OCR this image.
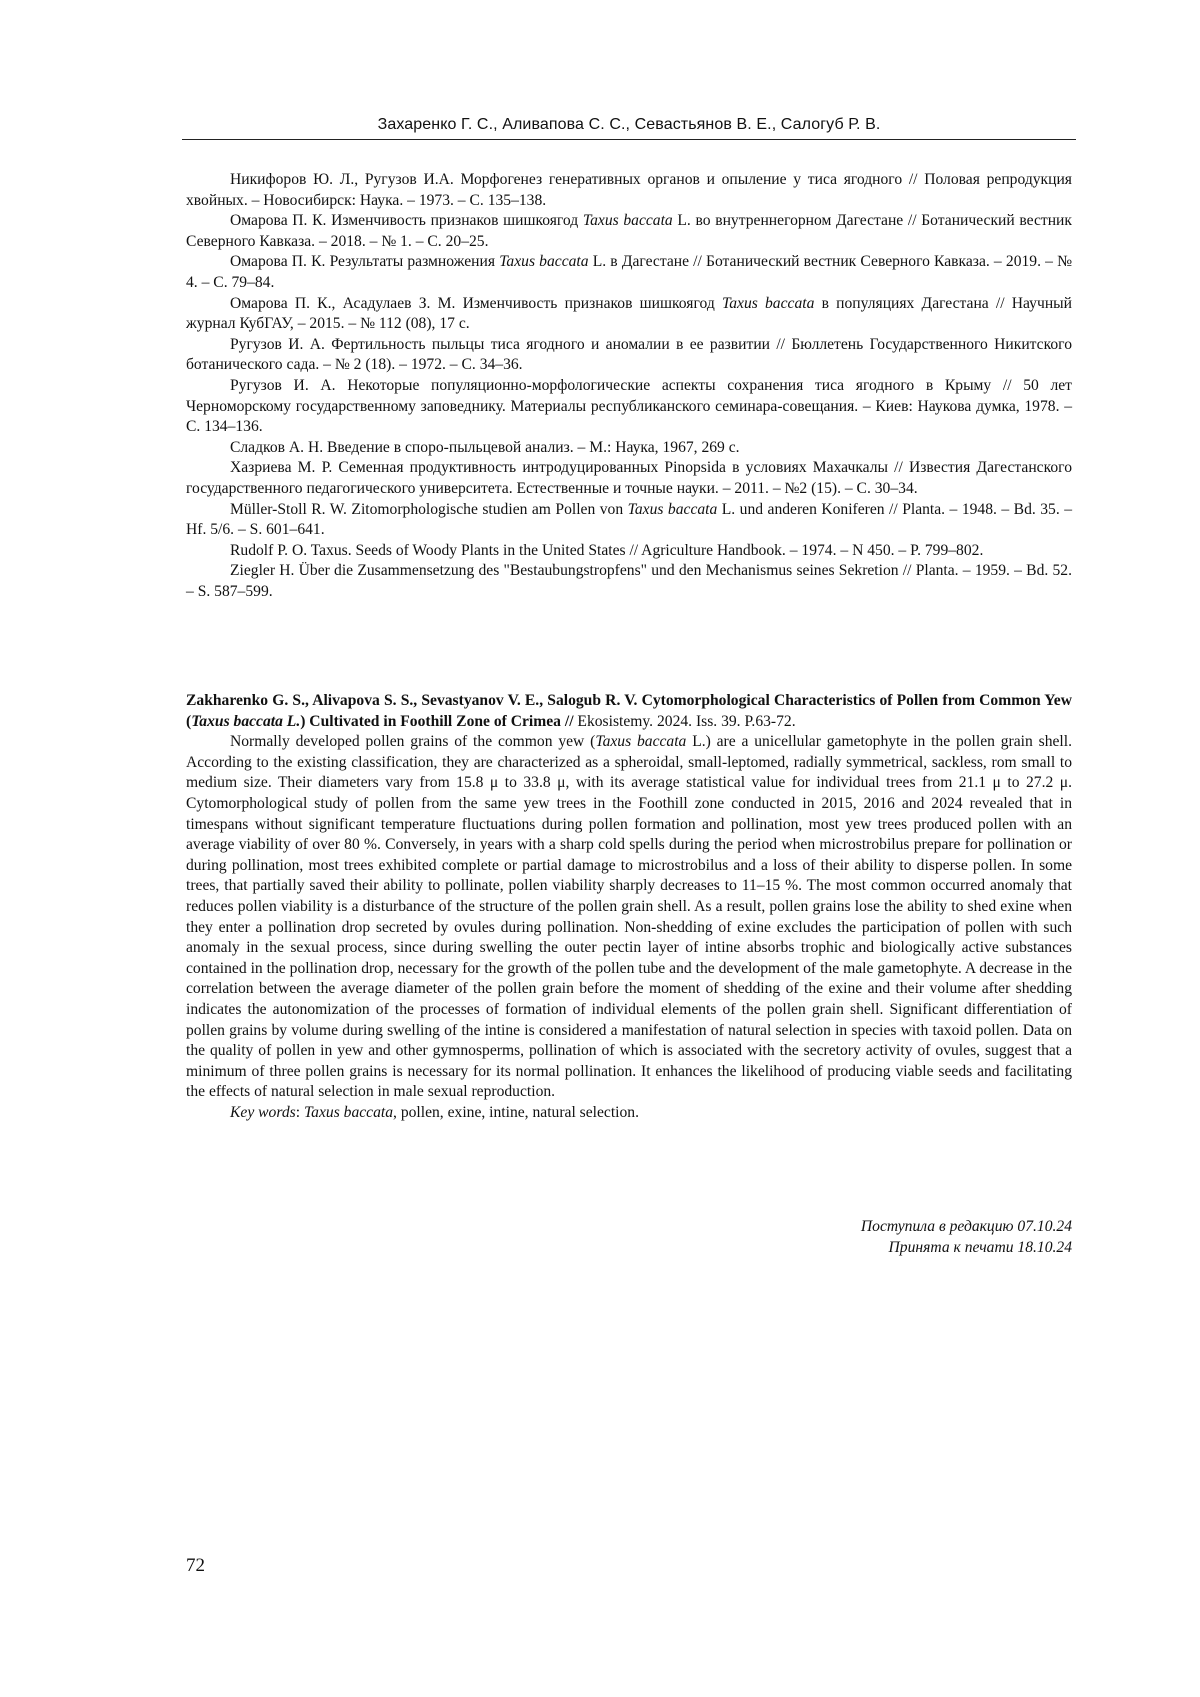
Захаренко Г. С., Аливапова С. С., Севастьянов В. Е., Салогуб Р. В.

Никифоров Ю. Л., Ругузов И.А. Морфогенез генеративных органов и опыление у тиса ягодного // Половая репродукция хвойных. – Новосибирск: Наука. – 1973. – С. 135–138.

Омарова П. К. Изменчивость признаков шишкоягод Taxus baccata L. во внутреннегорном Дагестане // Ботанический вестник Северного Кавказа. – 2018. – № 1. – С. 20–25.

Омарова П. К. Результаты размножения Taxus baccata L. в Дагестане // Ботанический вестник Северного Кавказа. – 2019. – № 4. – С. 79–84.

Омарова П. К., Асадулаев З. М. Изменчивость признаков шишкоягод Taxus baccata в популяциях Дагестана // Научный журнал КубГАУ, – 2015. – № 112 (08), 17 с.

Ругузов И. А. Фертильность пыльцы тиса ягодного и аномалии в ее развитии // Бюллетень Государственного Никитского ботанического сада. – № 2 (18). – 1972. – С. 34–36.

Ругузов И. А. Некоторые популяционно-морфологические аспекты сохранения тиса ягодного в Крыму // 50 лет Черноморскому государственному заповеднику. Материалы республиканского семинара-совещания. – Киев: Наукова думка, 1978. – С. 134–136.

Сладков А. Н. Введение в споро-пыльцевой анализ. – М.: Наука, 1967, 269 с.

Хазриева М. Р. Семенная продуктивность интродуцированных Pinopsida в условиях Махачкалы // Известия Дагестанского государственного педагогического университета. Естественные и точные науки. – 2011. – №2 (15). – С. 30–34.

Müller-Stoll R. W. Zitomorphologische studien am Pollen von Taxus baccata L. und anderen Koniferen // Planta. – 1948. – Bd. 35. – Hf. 5/6. – S. 601–641.

Rudolf P. O. Taxus. Seeds of Woody Plants in the United States // Agriculture Handbook. – 1974. – N 450. – P. 799–802.

Ziegler H. Über die Zusammensetzung des "Bestaubungstropfens" und den Mechanismus seines Sekretion // Planta. – 1959. – Bd. 52. – S. 587–599.

Zakharenko G. S., Alivapova S. S., Sevastyanov V. E., Salogub R. V. Cytomorphological Characteristics of Pollen from Common Yew (Taxus baccata L.) Cultivated in Foothill Zone of Crimea // Ekosistemy. 2024. Iss. 39. P.63-72.

Normally developed pollen grains of the common yew (Taxus baccata L.) are a unicellular gametophyte in the pollen grain shell. According to the existing classification, they are characterized as a spheroidal, small-leptomed, radially symmetrical, sackless, rom small to medium size. Their diameters vary from 15.8 μ to 33.8 μ, with its average statistical value for individual trees from 21.1 μ to 27.2 μ. Cytomorphological study of pollen from the same yew trees in the Foothill zone conducted in 2015, 2016 and 2024 revealed that in timespans without significant temperature fluctuations during pollen formation and pollination, most yew trees produced pollen with an average viability of over 80 %. Conversely, in years with a sharp cold spells during the period when microstrobilus prepare for pollination or during pollination, most trees exhibited complete or partial damage to microstrobilus and a loss of their ability to disperse pollen. In some trees, that partially saved their ability to pollinate, pollen viability sharply decreases to 11–15 %. The most common occurred anomaly that reduces pollen viability is a disturbance of the structure of the pollen grain shell. As a result, pollen grains lose the ability to shed exine when they enter a pollination drop secreted by ovules during pollination. Non-shedding of exine excludes the participation of pollen with such anomaly in the sexual process, since during swelling the outer pectin layer of intine absorbs trophic and biologically active substances contained in the pollination drop, necessary for the growth of the pollen tube and the development of the male gametophyte. A decrease in the correlation between the average diameter of the pollen grain before the moment of shedding of the exine and their volume after shedding indicates the autonomization of the processes of formation of individual elements of the pollen grain shell. Significant differentiation of pollen grains by volume during swelling of the intine is considered a manifestation of natural selection in species with taxoid pollen. Data on the quality of pollen in yew and other gymnosperms, pollination of which is associated with the secretory activity of ovules, suggest that a minimum of three pollen grains is necessary for its normal pollination. It enhances the likelihood of producing viable seeds and facilitating the effects of natural selection in male sexual reproduction.

Key words: Taxus baccata, pollen, exine, intine, natural selection.

Поступила в редакцию 07.10.24
Принята к печати 18.10.24
72
